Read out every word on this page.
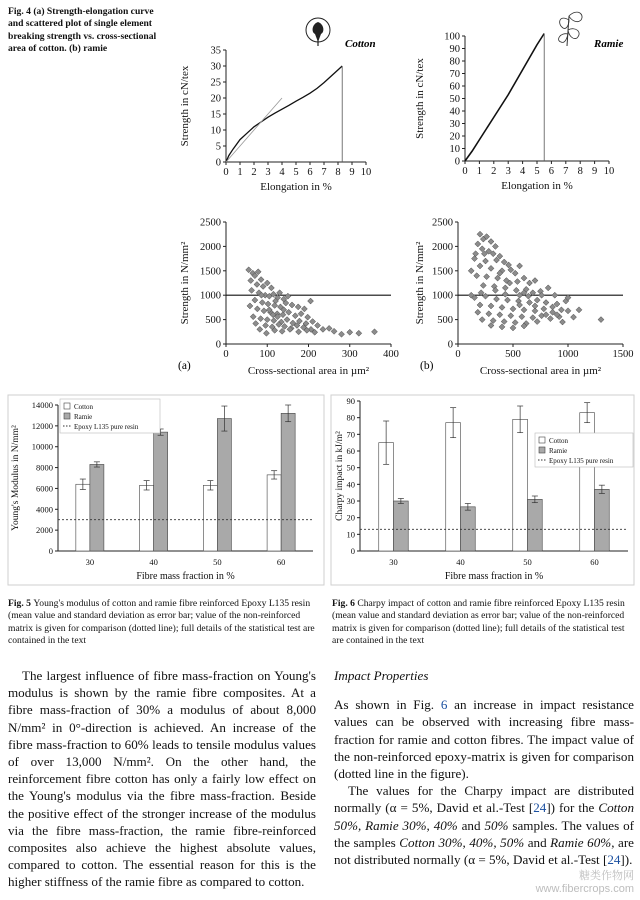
Fig. 4 (a) Strength-elongation curve and scattered plot of single element breaking strength vs. cross-sectional area of cotton. (b) ramie
0 1 2 3 4 5 6 7 8 9 10
0
5
10
15
20
25
30
35
Elongation in %
Strength in cN/tex
0 1 2 3 4 5 6 7 8 9 10
0
10
20
30
40
50
60
70
80
90
100
Elongation in %
Strength in cN/tex
0	100 200 300 400
0
500
1000
1500
2000
2500
Cross-sectional area in µm²
Strength in N/mm²
0	500	1000	1500
0
500
1000
1500
2000
2500
Cross-sectional area in µm²
Strength in N/mm²
Cotton	Ramie
(a)	(b)
0
2000
4000
6000
8000
10000
12000
14000
30	40	50	60
Fibre mass fraction in %
Young's Modulus in N/mm²
Cotton
Ramie
Epoxy L135 pure resin
0
10
20
30
40
50
60
70
80
90
30	40	50	60
Fibre mass fraction in %
Charpy impact in kJ/m²	Cotton
Ramie
Epoxy L135 pure resin
Fig. 5 Young's modulus of cotton and ramie fibre reinforced Epoxy L135 resin (mean value and standard deviation as error bar; value of the non-reinforced matrix is given for comparison (dotted line); full details of the statistical test are contained in the text
Fig. 6 Charpy impact of cotton and ramie fibre reinforced Epoxy L135 resin (mean value and standard deviation as error bar; value of the non-reinforced matrix is given for comparison (dotted line); full details of the statistical test are contained in the text
The largest influence of fibre mass-fraction on Young's modulus is shown by the ramie fibre composites. At a fibre mass-fraction of 30% a modulus of about 8,000 N/mm² in 0°-direction is achieved. An increase of the fibre mass-fraction to 60% leads to tensile modulus values of over 13,000 N/mm². On the other hand, the reinforcement fibre cotton has only a fairly low effect on the Young's modulus via the fibre mass-fraction. Beside the positive effect of the stronger increase of the modulus via the fibre mass-fraction, the ramie fibre-reinforced composites also achieve the highest absolute values, compared to cotton. The essential reason for this is the higher stiffness of the ramie fibre as compared to cotton.
Impact Properties
As shown in Fig. 6 an increase in impact resistance values can be observed with increasing fibre mass-fraction for ramie and cotton fibres. The impact value of the non-reinforced epoxy-matrix is given for comparison (dotted line in the figure).
The values for the Charpy impact are distributed normally (α = 5%, David et al.-Test [24]) for the Cotton 50%, Ramie 30%, 40% and 50% samples. The values of the samples Cotton 30%, 40%, 50% and Ramie 60%, are not distributed normally (α = 5%, David et al.-Test [24]).
糖类作物网
www.fibercrops.com
